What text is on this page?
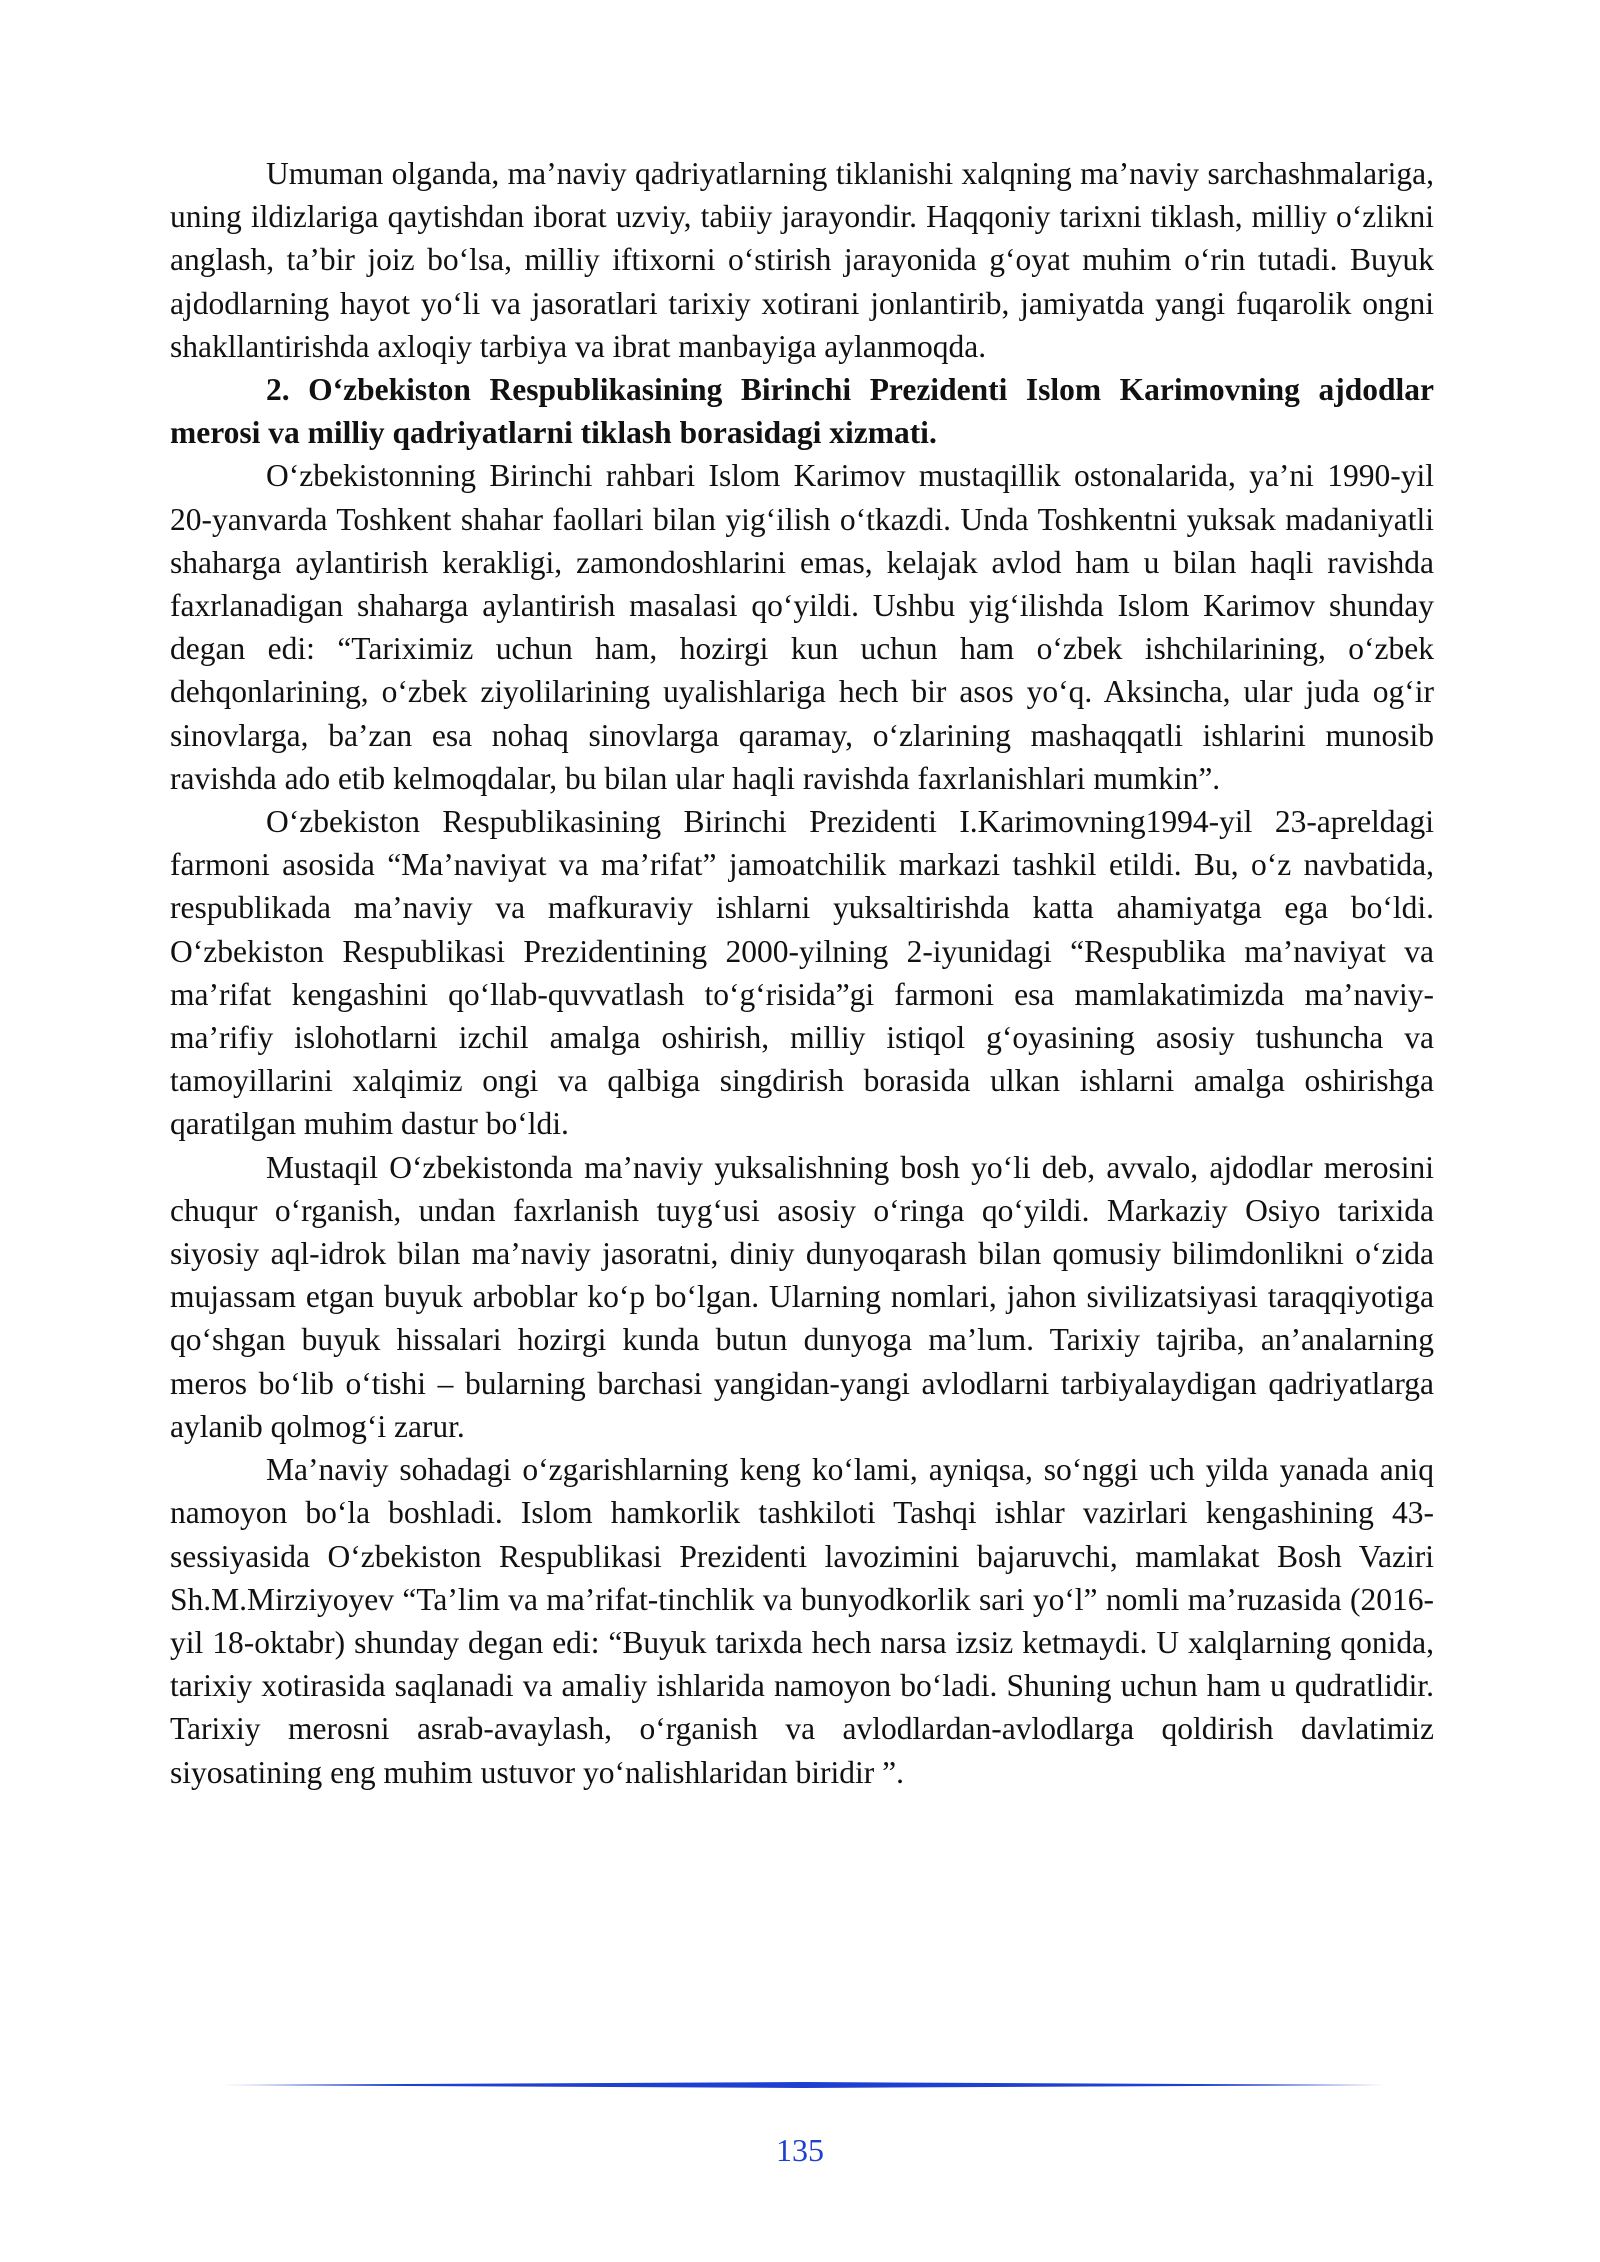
Umuman olganda, ma’naviy qadriyatlarning tiklanishi xalqning ma’naviy sarchashmalariga, uning ildizlariga qaytishdan iborat uzviy, tabiiy jarayondir. Haqqoniy tarixni tiklash, milliy o‘zlikni anglash, ta’bir joiz bo‘lsa, milliy iftixorni o‘stirish jarayonida g‘oyat muhim o‘rin tutadi. Buyuk ajdodlarning hayot yo‘li va jasoratlari tarixiy xotirani jonlantirib, jamiyatda yangi fuqarolik ongni shakllantirishda axloqiy tarbiya va ibrat manbayiga aylanmoqda.

2. O‘zbekiston Respublikasining Birinchi Prezidenti Islom Karimovning ajdodlar merosi va milliy qadriyatlarni tiklash borasidagi xizmati.

O‘zbekistonning Birinchi rahbari Islom Karimov mustaqillik ostonalarida, ya’ni 1990-yil 20-yanvarda Toshkent shahar faollari bilan yig‘ilish o‘tkazdi. Unda Toshkentni yuksak madaniyatli shaharga aylantirish kerakligi, zamondoshlarini emas, kelajak avlod ham u bilan haqli ravishda faxrlanadigan shaharga aylantirish masalasi qo‘yildi. Ushbu yig‘ilishda Islom Karimov shunday degan edi: “Tariximiz uchun ham, hozirgi kun uchun ham o‘zbek ishchilarining, o‘zbek dehqonlarining, o‘zbek ziyolilarining uyalishlariga hech bir asos yo‘q. Aksincha, ular juda og‘ir sinovlarga, ba’zan esa nohaq sinovlarga qaramay, o‘zlarining mashaqqatli ishlarini munosib ravishda ado etib kelmoqdalar, bu bilan ular haqli ravishda faxrlanishlari mumkin”.

O‘zbekiston Respublikasining Birinchi Prezidenti I.Karimovning1994-yil 23-apreldagi farmoni asosida “Ma’naviyat va ma’rifat” jamoatchilik markazi tashkil etildi. Bu, o‘z navbatida, respublikada ma’naviy va mafkuraviy ishlarni yuksaltirishda katta ahamiyatga ega bo‘ldi. O‘zbekiston Respublikasi Prezidentining 2000-yilning 2-iyunidagi “Respublika ma’naviyat va ma’rifat kengashini qo‘llab-quvvatlash to‘g‘risida”gi farmoni esa mamlakatimizda ma’naviy-ma’rifiy islohotlarni izchil amalga oshirish, milliy istiqol g‘oyasining asosiy tushuncha va tamoyillarini xalqimiz ongi va qalbiga singdirish borasida ulkan ishlarni amalga oshirishga qaratilgan muhim dastur bo‘ldi.

Mustaqil O‘zbekistonda ma’naviy yuksalishning bosh yo‘li deb, avvalo, ajdodlar merosini chuqur o‘rganish, undan faxrlanish tuyg‘usi asosiy o‘ringa qo‘yildi. Markaziy Osiyo tarixida siyosiy aql-idrok bilan ma’naviy jasoratni, diniy dunyoqarash bilan qomusiy bilimdonlikni o‘zida mujassam etgan buyuk arboblar ko‘p bo‘lgan. Ularning nomlari, jahon sivilizatsiyasi taraqqiyotiga qo‘shgan buyuk hissalari hozirgi kunda butun dunyoga ma’lum. Tarixiy tajriba, an’analarning meros bo‘lib o‘tishi – bularning barchasi yangidan-yangi avlodlarni tarbiyalaydigan qadriyatlarga aylanib qolmog‘i zarur.

Ma’naviy sohadagi o‘zgarishlarning keng ko‘lami, ayniqsa, so‘nggi uch yilda yanada aniq namoyon bo‘la boshladi. Islom hamkorlik tashkiloti Tashqi ishlar vazirlari kengashining 43-sessiyasida O‘zbekiston Respublikasi Prezidenti lavozimini bajaruvchi, mamlakat Bosh Vaziri Sh.M.Mirziyoyev “Ta’lim va ma’rifat-tinchlik va bunyodkorlik sari yo‘l” nomli ma’ruzasida (2016-yil 18-oktabr) shunday degan edi: “Buyuk tarixda hech narsa izsiz ketmaydi. U xalqlarning qonida, tarixiy xotirasida saqlanadi va amaliy ishlarida namoyon bo‘ladi. Shuning uchun ham u qudratlidir. Tarixiy merosni asrab-avaylash, o‘rganish va avlodlardan-avlodlarga qoldirish davlatimiz siyosatining eng muhim ustuvor yo‘nalishlaridan biridir ”.

135
